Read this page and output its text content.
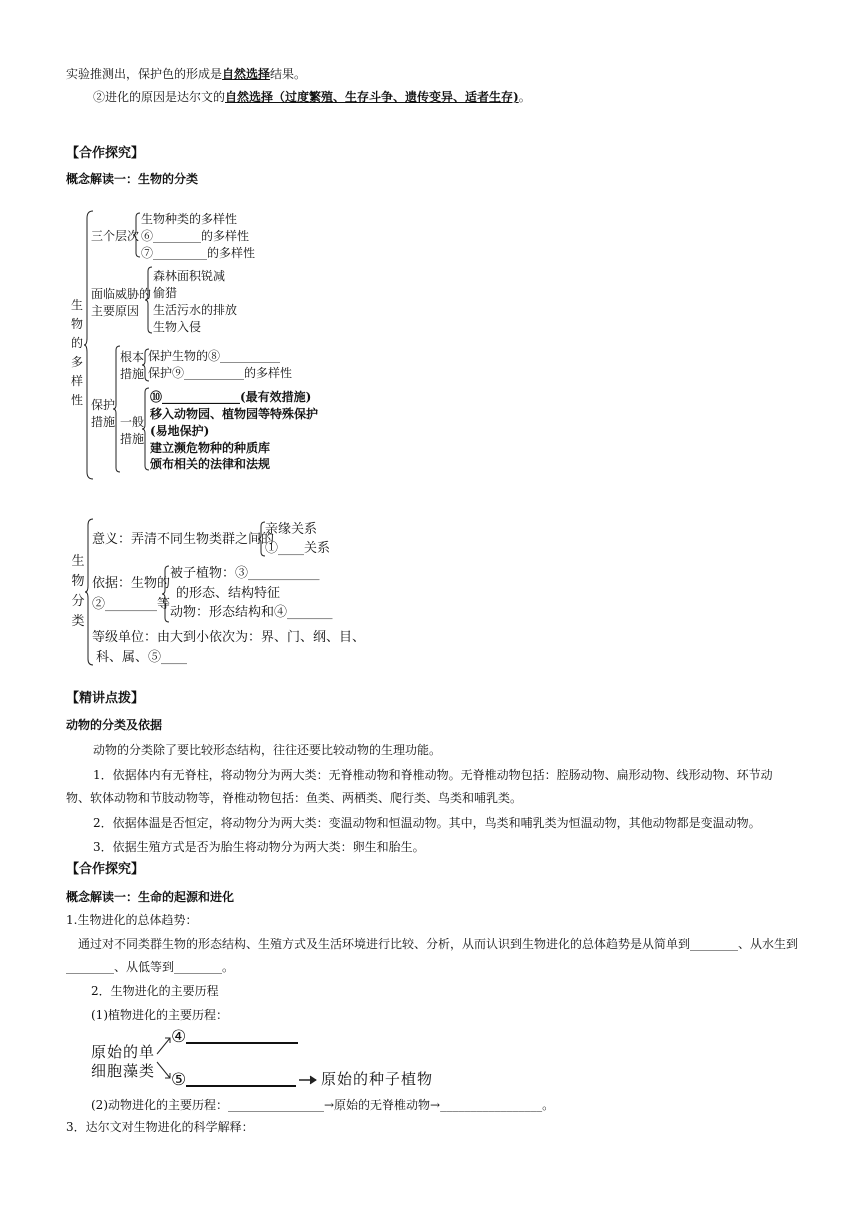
实验推测出，保护色的形成是自然选择结果。
②进化的原因是达尔文的自然选择（过度繁殖、生存斗争、遗传变异、适者生存)。
【合作探究】
概念解读一：生物的分类
生物的多样性
三个层次
生物种类的多样性
⑥________的多样性
⑦_________的多样性
面临威胁的
主要原因
森林面积锐减
偷猎
生活污水的排放
生物入侵
保护
措施
根本
措施
保护生物的⑧__________
保护⑨__________的多样性
一般
措施
⑩_____________(最有效措施)
移入动物园、植物园等特殊保护
(易地保护)
建立濒危物种的种质库
颁布相关的法律和法规
生物分类
意义：弄清不同生物类群之间的
亲缘关系
①____关系
依据：生物的
②________等
被子植物：③___________
的形态、结构特征
动物：形态结构和④_______
等级单位：由大到小依次为：界、门、纲、目、
科、属、⑤____
【精讲点拨】
动物的分类及依据
动物的分类除了要比较形态结构，往往还要比较动物的生理功能。
1．依据体内有无脊柱，将动物分为两大类：无脊椎动物和脊椎动物。无脊椎动物包括：腔肠动物、扁形动物、线形动物、环节动
物、软体动物和节肢动物等，脊椎动物包括：鱼类、两栖类、爬行类、鸟类和哺乳类。
2．依据体温是否恒定，将动物分为两大类：变温动物和恒温动物。其中，鸟类和哺乳类为恒温动物，其他动物都是变温动物。
3．依据生殖方式是否为胎生将动物分为两大类：卵生和胎生。
【合作探究】
概念解读一：生命的起源和进化
1.生物进化的总体趋势：
通过对不同类群生物的形态结构、生殖方式及生活环境进行比较、分析，从而认识到生物进化的总体趋势是从简单到________、从水生到
________、从低等到________。
2．生物进化的主要历程
(1)植物进化的主要历程：
原始的单
细胞藻类
④
⑤	原始的种子植物
(2)动物进化的主要历程：________________→原始的无脊椎动物→_________________。
3．达尔文对生物进化的科学解释：
